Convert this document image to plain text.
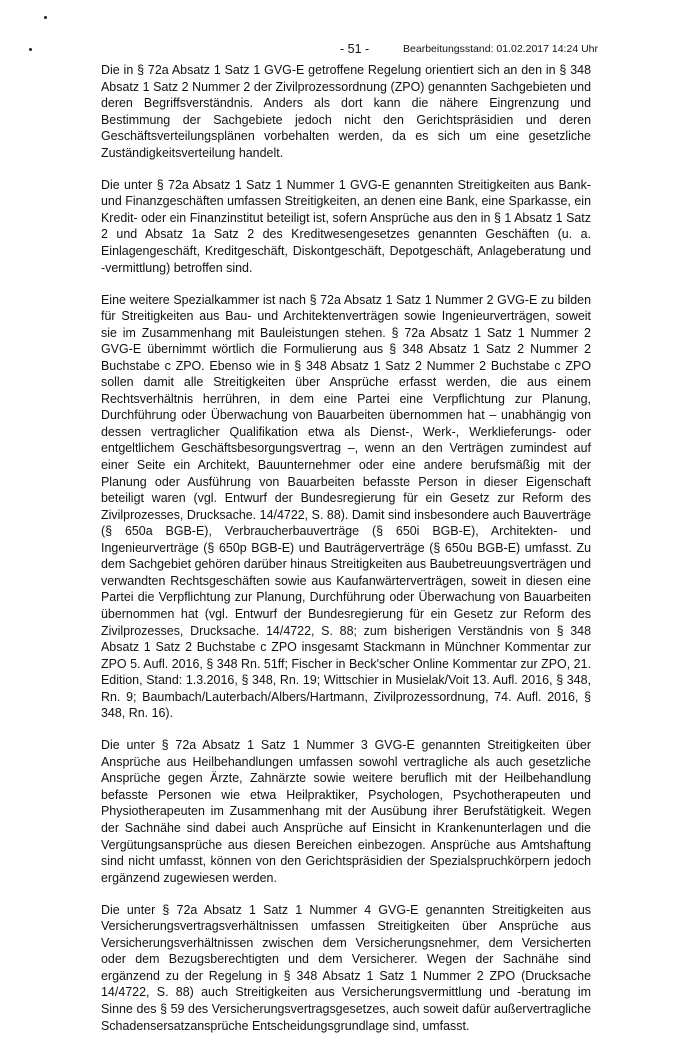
- 51 -	Bearbeitungsstand: 01.02.2017 14:24 Uhr

Die in § 72a Absatz 1 Satz 1 GVG-E getroffene Regelung orientiert sich an den in § 348 Absatz 1 Satz 2 Nummer 2 der Zivilprozessordnung (ZPO) genannten Sachgebieten und deren Begriffsverständnis. Anders als dort kann die nähere Eingrenzung und Bestimmung der Sachgebiete jedoch nicht den Gerichtspräsidien und deren Geschäftsverteilungsplänen vorbehalten werden, da es sich um eine gesetzliche Zuständigkeitsverteilung handelt.

Die unter § 72a Absatz 1 Satz 1 Nummer 1 GVG-E genannten Streitigkeiten aus Bank- und Finanzgeschäften umfassen Streitigkeiten, an denen eine Bank, eine Sparkasse, ein Kredit- oder ein Finanzinstitut beteiligt ist, sofern Ansprüche aus den in § 1 Absatz 1 Satz 2 und Absatz 1a Satz 2 des Kreditwesengesetzes genannten Geschäften (u. a. Einlagengeschäft, Kreditgeschäft, Diskontgeschäft, Depotgeschäft, Anlageberatung und -vermittlung) betroffen sind.

Eine weitere Spezialkammer ist nach § 72a Absatz 1 Satz 1 Nummer 2 GVG-E zu bilden für Streitigkeiten aus Bau- und Architektenverträgen sowie Ingenieurverträgen, soweit sie im Zusammenhang mit Bauleistungen stehen. § 72a Absatz 1 Satz 1 Nummer 2 GVG-E übernimmt wörtlich die Formulierung aus § 348 Absatz 1 Satz 2 Nummer 2 Buchstabe c ZPO. Ebenso wie in § 348 Absatz 1 Satz 2 Nummer 2 Buchstabe c ZPO sollen damit alle Streitigkeiten über Ansprüche erfasst werden, die aus einem Rechtsverhältnis herrühren, in dem eine Partei eine Verpflichtung zur Planung, Durchführung oder Überwachung von Bauarbeiten übernommen hat – unabhängig von dessen vertraglicher Qualifikation etwa als Dienst-, Werk-, Werklieferungs- oder entgeltlichem Geschäftsbesorgungsvertrag –, wenn an den Verträgen zumindest auf einer Seite ein Architekt, Bauunternehmer oder eine andere berufsmäßig mit der Planung oder Ausführung von Bauarbeiten befasste Person in dieser Eigenschaft beteiligt waren (vgl. Entwurf der Bundesregierung für ein Gesetz zur Reform des Zivilprozesses, Drucksache. 14/4722, S. 88). Damit sind insbesondere auch Bauverträge (§ 650a BGB-E), Verbraucherbauverträge (§ 650i BGB-E), Architekten- und Ingenieurverträge (§ 650p BGB-E) und Bauträgerverträge (§ 650u BGB-E) umfasst. Zu dem Sachgebiet gehören darüber hinaus Streitigkeiten aus Baubetreuungsverträgen und verwandten Rechtsgeschäften sowie aus Kaufanwärterverträgen, soweit in diesen eine Partei die Verpflichtung zur Planung, Durchführung oder Überwachung von Bauarbeiten übernommen hat (vgl. Entwurf der Bundesregierung für ein Gesetz zur Reform des Zivilprozesses, Drucksache. 14/4722, S. 88; zum bisherigen Verständnis von § 348 Absatz 1 Satz 2 Buchstabe c ZPO insgesamt Stackmann in Münchner Kommentar zur ZPO 5. Aufl. 2016, § 348 Rn. 51ff; Fischer in Beck'scher Online Kommentar zur ZPO, 21. Edition, Stand: 1.3.2016, § 348, Rn. 19; Wittschier in Musielak/Voit 13. Aufl. 2016, § 348, Rn. 9; Baumbach/Lauterbach/Albers/Hartmann, Zivilprozessordnung, 74. Aufl. 2016, § 348, Rn. 16).

Die unter § 72a Absatz 1 Satz 1 Nummer 3 GVG-E genannten Streitigkeiten über Ansprüche aus Heilbehandlungen umfassen sowohl vertragliche als auch gesetzliche Ansprüche gegen Ärzte, Zahnärzte sowie weitere beruflich mit der Heilbehandlung befasste Personen wie etwa Heilpraktiker, Psychologen, Psychotherapeuten und Physiotherapeuten im Zusammenhang mit der Ausübung ihrer Berufstätigkeit. Wegen der Sachnähe sind dabei auch Ansprüche auf Einsicht in Krankenunterlagen und die Vergütungsansprüche aus diesen Bereichen einbezogen. Ansprüche aus Amtshaftung sind nicht umfasst, können von den Gerichtspräsidien der Spezialspruchkörpern jedoch ergänzend zugewiesen werden.

Die unter § 72a Absatz 1 Satz 1 Nummer 4 GVG-E genannten Streitigkeiten aus Versicherungsvertragsverhältnissen umfassen Streitigkeiten über Ansprüche aus Versicherungsverhältnissen zwischen dem Versicherungsnehmer, dem Versicherten oder dem Bezugsberechtigten und dem Versicherer. Wegen der Sachnähe sind ergänzend zu der Regelung in § 348 Absatz 1 Satz 1 Nummer 2 ZPO (Drucksache 14/4722, S. 88) auch Streitigkeiten aus Versicherungsvermittlung und -beratung im Sinne des § 59 des Versicherungsvertragsgesetzes, auch soweit dafür außervertragliche Schadensersatzansprüche Entscheidungsgrundlage sind, umfasst.
